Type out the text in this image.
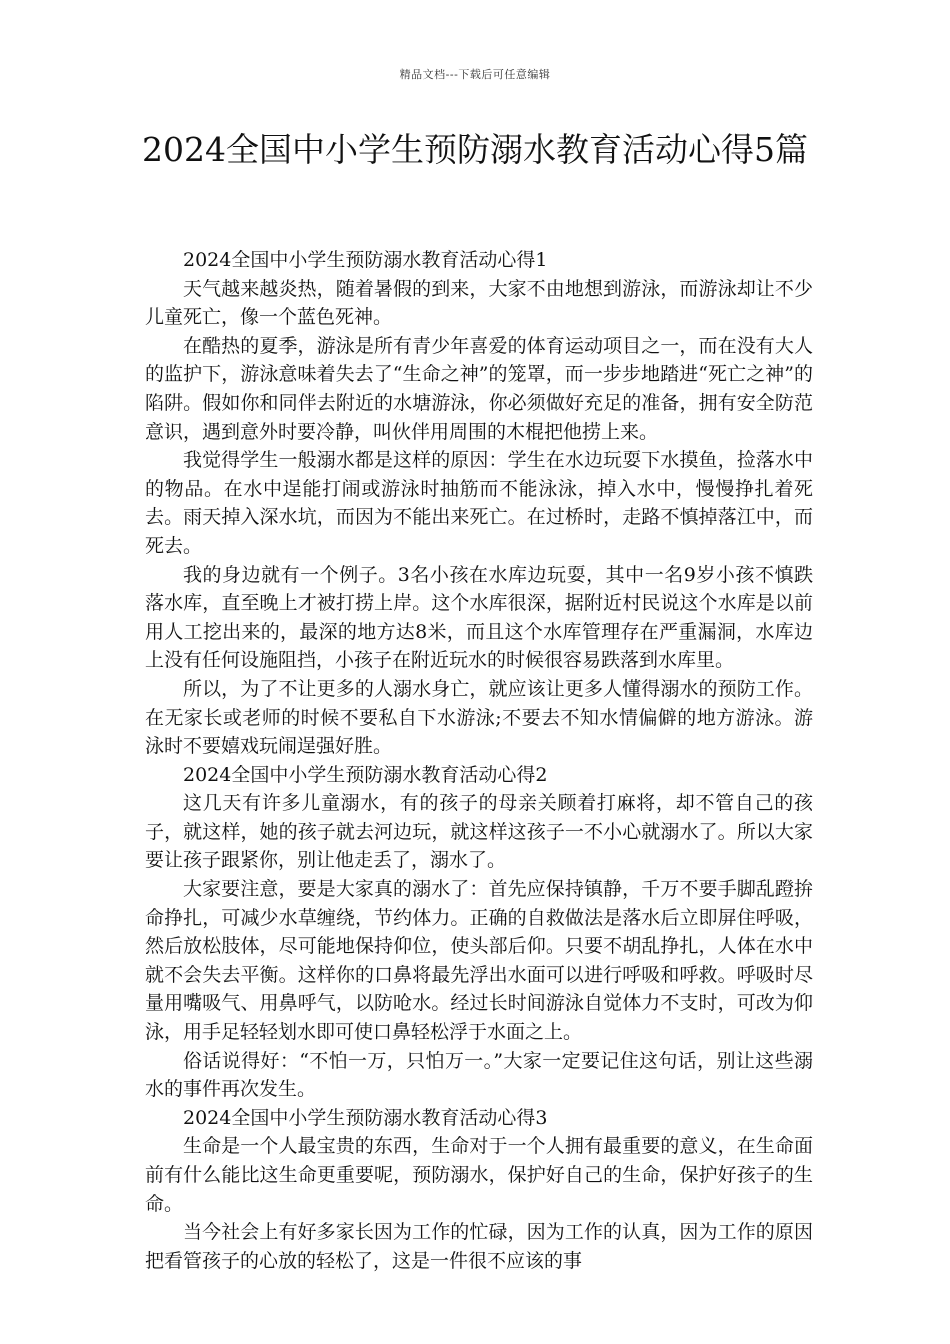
精品文档---下载后可任意编辑
2024全国中小学生预防溺水教育活动心得5篇

2024全国中小学生预防溺水教育活动心得1

天气越来越炎热，随着暑假的到来，大家不由地想到游泳，而游泳却让不少儿童死亡，像一个蓝色死神。

在酷热的夏季，游泳是所有青少年喜爱的体育运动项目之一，而在没有大人的监护下，游泳意味着失去了“生命之神”的笼罩，而一步步地踏进“死亡之神”的陷阱。假如你和同伴去附近的水塘游泳，你必须做好充足的准备，拥有安全防范意识，遇到意外时要冷静，叫伙伴用周围的木棍把他捞上来。

我觉得学生一般溺水都是这样的原因：学生在水边玩耍下水摸鱼，捡落水中的物品。在水中逞能打闹或游泳时抽筋而不能泳泳，掉入水中，慢慢挣扎着死去。雨天掉入深水坑，而因为不能出来死亡。在过桥时，走路不慎掉落江中，而死去。

我的身边就有一个例子。3名小孩在水库边玩耍，其中一名9岁小孩不慎跌落水库，直至晚上才被打捞上岸。这个水库很深，据附近村民说这个水库是以前用人工挖出来的，最深的地方达8米，而且这个水库管理存在严重漏洞，水库边上没有任何设施阻挡，小孩子在附近玩水的时候很容易跌落到水库里。

所以，为了不让更多的人溺水身亡，就应该让更多人懂得溺水的预防工作。在无家长或老师的时候不要私自下水游泳;不要去不知水情偏僻的地方游泳。游泳时不要嬉戏玩闹逞强好胜。

2024全国中小学生预防溺水教育活动心得2

这几天有许多儿童溺水，有的孩子的母亲关顾着打麻将，却不管自己的孩子，就这样，她的孩子就去河边玩，就这样这孩子一不小心就溺水了。所以大家要让孩子跟紧你，别让他走丢了，溺水了。

大家要注意，要是大家真的溺水了：首先应保持镇静，千万不要手脚乱蹬拚命挣扎，可减少水草缠绕，节约体力。正确的自救做法是落水后立即屏住呼吸，然后放松肢体，尽可能地保持仰位，使头部后仰。只要不胡乱挣扎，人体在水中就不会失去平衡。这样你的口鼻将最先浮出水面可以进行呼吸和呼救。呼吸时尽量用嘴吸气、用鼻呼气，以防呛水。经过长时间游泳自觉体力不支时，可改为仰泳，用手足轻轻划水即可使口鼻轻松浮于水面之上。

俗话说得好：“不怕一万，只怕万一。”大家一定要记住这句话，别让这些溺水的事件再次发生。

2024全国中小学生预防溺水教育活动心得3

生命是一个人最宝贵的东西，生命对于一个人拥有最重要的意义，在生命面前有什么能比这生命更重要呢，预防溺水，保护好自己的生命，保护好孩子的生命。

当今社会上有好多家长因为工作的忙碌，因为工作的认真，因为工作的原因把看管孩子的心放的轻松了，这是一件很不应该的事
